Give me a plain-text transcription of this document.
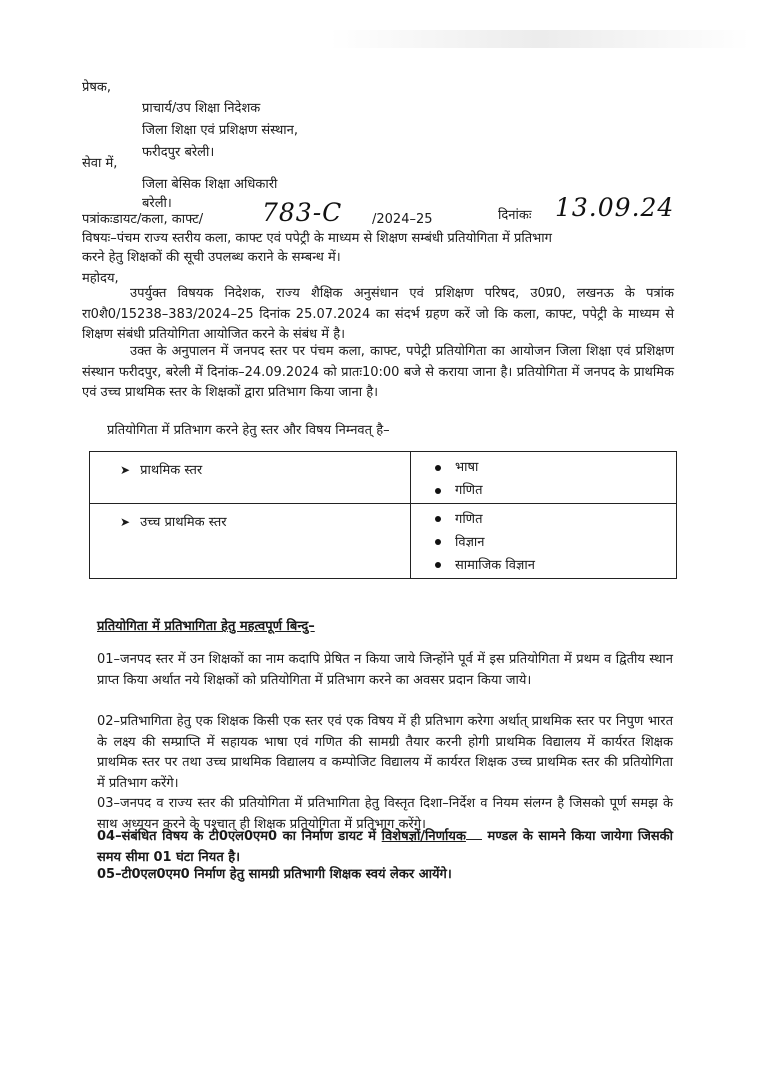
प्रेषक,
प्राचार्य/उप शिक्षा निदेशक
जिला शिक्षा एवं प्रशिक्षण संस्थान,
फरीदपुर बरेली।
सेवा में,
जिला बेसिक शिक्षा अधिकारी
बरेली।
पत्रांकःडायट/कला, काफ्ट/ 783-C /2024–25	दिनांकः 13.09.24
विषयः–पंचम राज्य स्तरीय कला, काफ्ट एवं पपेट्री के माध्यम से शिक्षण सम्बंधी प्रतियोगिता में प्रतिभाग
करने हेतु शिक्षकों की सूची उपलब्ध कराने के सम्बन्ध में।
महोदय,
उपर्युक्त विषयक निदेशक, राज्य शैक्षिक अनुसंधान एवं प्रशिक्षण परिषद, उ0प्र0, लखनऊ के पत्रांक रा0शै0/15238–383/2024–25 दिनांक 25.07.2024 का संदर्भ ग्रहण करें जो कि कला, काफ्ट, पपेट्री के माध्यम से शिक्षण संबंधी प्रतियोगिता आयोजित करने के संबंध में है।
उक्त के अनुपालन में जनपद स्तर पर पंचम कला, काफ्ट, पपेट्री प्रतियोगिता का आयोजन जिला शिक्षा एवं प्रशिक्षण संस्थान फरीदपुर, बरेली में दिनांक–24.09.2024 को प्रातः10:00 बजे से कराया जाना है। प्रतियोगिता में जनपद के प्राथमिक एवं उच्च प्राथमिक स्तर के शिक्षकों द्वारा प्रतिभाग किया जाना है।
प्रतियोगिता में प्रतिभाग करने हेतु स्तर और विषय निम्नवत् है–
➤ प्राथमिक स्तर	भाषा
गणित

➤ उच्च प्राथमिक स्तर	गणित
विज्ञान
सामाजिक विज्ञान
प्रतियोगिता में प्रतिभागिता हेतु महत्वपूर्ण बिन्दु–
01–जनपद स्तर में उन शिक्षकों का नाम कदापि प्रेषित न किया जाये जिन्होंने पूर्व में इस प्रतियोगिता में प्रथम व द्वितीय स्थान प्राप्त किया अर्थात नये शिक्षकों को प्रतियोगिता में प्रतिभाग करने का अवसर प्रदान किया जाये।
02–प्रतिभागिता हेतु एक शिक्षक किसी एक स्तर एवं एक विषय में ही प्रतिभाग करेगा अर्थात् प्राथमिक स्तर पर निपुण भारत के लक्ष्य की सम्प्राप्ति में सहायक भाषा एवं गणित की सामग्री तैयार करनी होगी प्राथमिक विद्यालय में कार्यरत शिक्षक प्राथमिक स्तर पर तथा उच्च प्राथमिक विद्यालय व कम्पोजिट विद्यालय में कार्यरत शिक्षक उच्च प्राथमिक स्तर की प्रतियोगिता में प्रतिभाग करेंगे।
03–जनपद व राज्य स्तर की प्रतियोगिता में प्रतिभागिता हेतु विस्तृत दिशा–निर्देश व नियम संलग्न है जिसको पूर्ण समझ के साथ अध्ययन करने के पश्चात् ही शिक्षक प्रतियोगिता में प्रतिभाग करेंगे।
04–संबंधित विषय के टी0एल0एम0 का निर्माण डायट में विशेषज्ञों/निर्णायक मण्डल के सामने किया जायेगा जिसकी समय सीमा 01 घंटा नियत है।
05–टी0एल0एम0 निर्माण हेतु सामग्री प्रतिभागी शिक्षक स्वयं लेकर आयेंगे।
